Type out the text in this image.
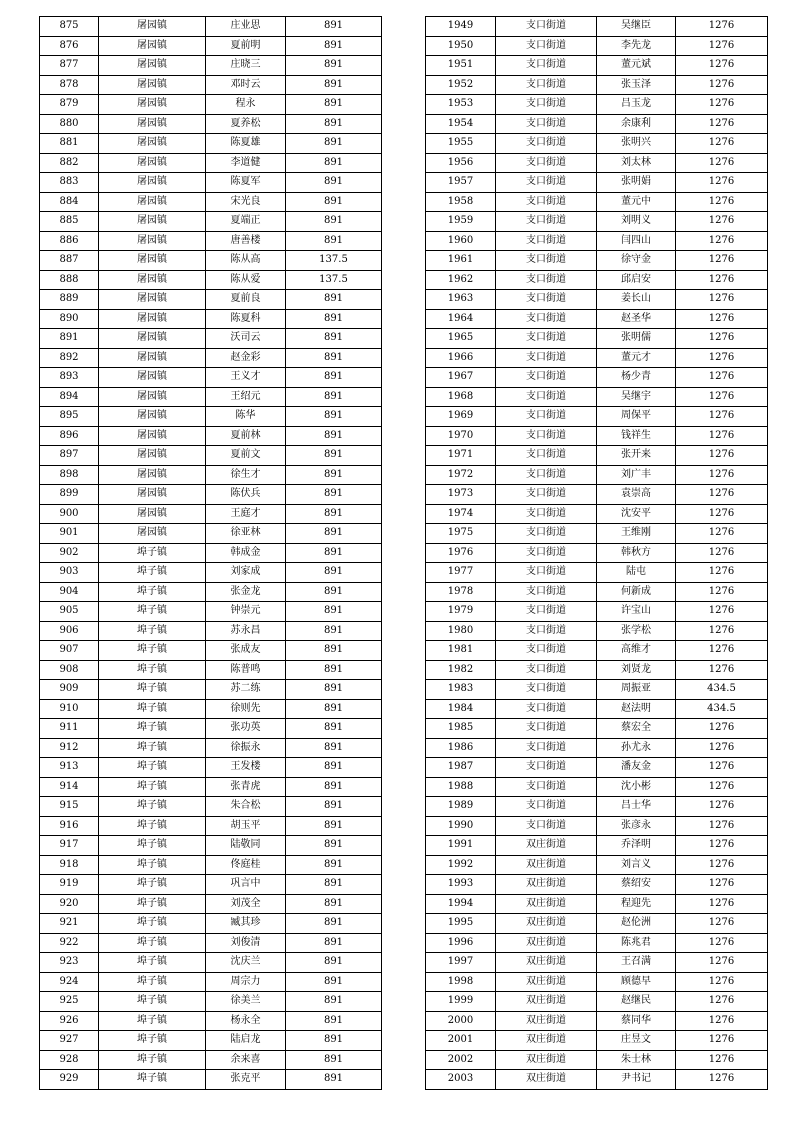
875	屠园镇	庄业思	891
876	屠园镇	夏前明	891
877	屠园镇	庄晓三	891
878	屠园镇	邓时云	891
879	屠园镇	程永	891
880	屠园镇	夏养松	891
881	屠园镇	陈夏雄	891
882	屠园镇	李道健	891
883	屠园镇	陈夏军	891
884	屠园镇	宋光良	891
885	屠园镇	夏端正	891
886	屠园镇	唐善楼	891
887	屠园镇	陈从高	137.5
888	屠园镇	陈从爱	137.5
889	屠园镇	夏前良	891
890	屠园镇	陈夏科	891
891	屠园镇	沃司云	891
892	屠园镇	赵金彩	891
893	屠园镇	王义才	891
894	屠园镇	王绍元	891
895	屠园镇	陈华	891
896	屠园镇	夏前林	891
897	屠园镇	夏前文	891
898	屠园镇	徐生才	891
899	屠园镇	陈伏兵	891
900	屠园镇	王庭才	891
901	屠园镇	徐亚林	891
902	埠子镇	韩成金	891
903	埠子镇	刘家成	891
904	埠子镇	张金龙	891
905	埠子镇	钟崇元	891
906	埠子镇	苏永昌	891
907	埠子镇	张成友	891
908	埠子镇	陈普鸣	891
909	埠子镇	苏二练	891
910	埠子镇	徐则先	891
911	埠子镇	张功英	891
912	埠子镇	徐振永	891
913	埠子镇	王发楼	891
914	埠子镇	张青虎	891
915	埠子镇	朱合松	891
916	埠子镇	胡玉平	891
917	埠子镇	陆敬同	891
918	埠子镇	佟庭桂	891
919	埠子镇	巩言中	891
920	埠子镇	刘茂全	891
921	埠子镇	臧其珍	891
922	埠子镇	刘俊清	891
923	埠子镇	沈庆兰	891
924	埠子镇	周宗力	891
925	埠子镇	徐美兰	891
926	埠子镇	杨永全	891
927	埠子镇	陆启龙	891
928	埠子镇	余来喜	891
929	埠子镇	张克平	891
1949	支口街道	吴继臣	1276
1950	支口街道	李先龙	1276
1951	支口街道	董元斌	1276
1952	支口街道	张玉泽	1276
1953	支口街道	吕玉龙	1276
1954	支口街道	余康利	1276
1955	支口街道	张明兴	1276
1956	支口街道	刘太林	1276
1957	支口街道	张明娟	1276
1958	支口街道	董元中	1276
1959	支口街道	刘明义	1276
1960	支口街道	闫四山	1276
1961	支口街道	徐守金	1276
1962	支口街道	邱启安	1276
1963	支口街道	姜长山	1276
1964	支口街道	赵圣华	1276
1965	支口街道	张明儒	1276
1966	支口街道	董元才	1276
1967	支口街道	杨少青	1276
1968	支口街道	吴继宇	1276
1969	支口街道	周保平	1276
1970	支口街道	钱祥生	1276
1971	支口街道	张开来	1276
1972	支口街道	刘广丰	1276
1973	支口街道	袁崇高	1276
1974	支口街道	沈安平	1276
1975	支口街道	王维刚	1276
1976	支口街道	韩秋方	1276
1977	支口街道	陆屯	1276
1978	支口街道	何新成	1276
1979	支口街道	许宝山	1276
1980	支口街道	张学松	1276
1981	支口街道	高维才	1276
1982	支口街道	刘贤龙	1276
1983	支口街道	周振亚	434.5
1984	支口街道	赵法明	434.5
1985	支口街道	蔡宏全	1276
1986	支口街道	孙尤永	1276
1987	支口街道	潘友金	1276
1988	支口街道	沈小彬	1276
1989	支口街道	吕士华	1276
1990	支口街道	张彦永	1276
1991	双庄街道	乔泽明	1276
1992	双庄街道	刘言义	1276
1993	双庄街道	蔡绍安	1276
1994	双庄街道	程迎先	1276
1995	双庄街道	赵伦洲	1276
1996	双庄街道	陈兆君	1276
1997	双庄街道	王召满	1276
1998	双庄街道	顾德早	1276
1999	双庄街道	赵继民	1276
2000	双庄街道	蔡同华	1276
2001	双庄街道	庄昱文	1276
2002	双庄街道	朱士林	1276
2003	双庄街道	尹书记	1276
